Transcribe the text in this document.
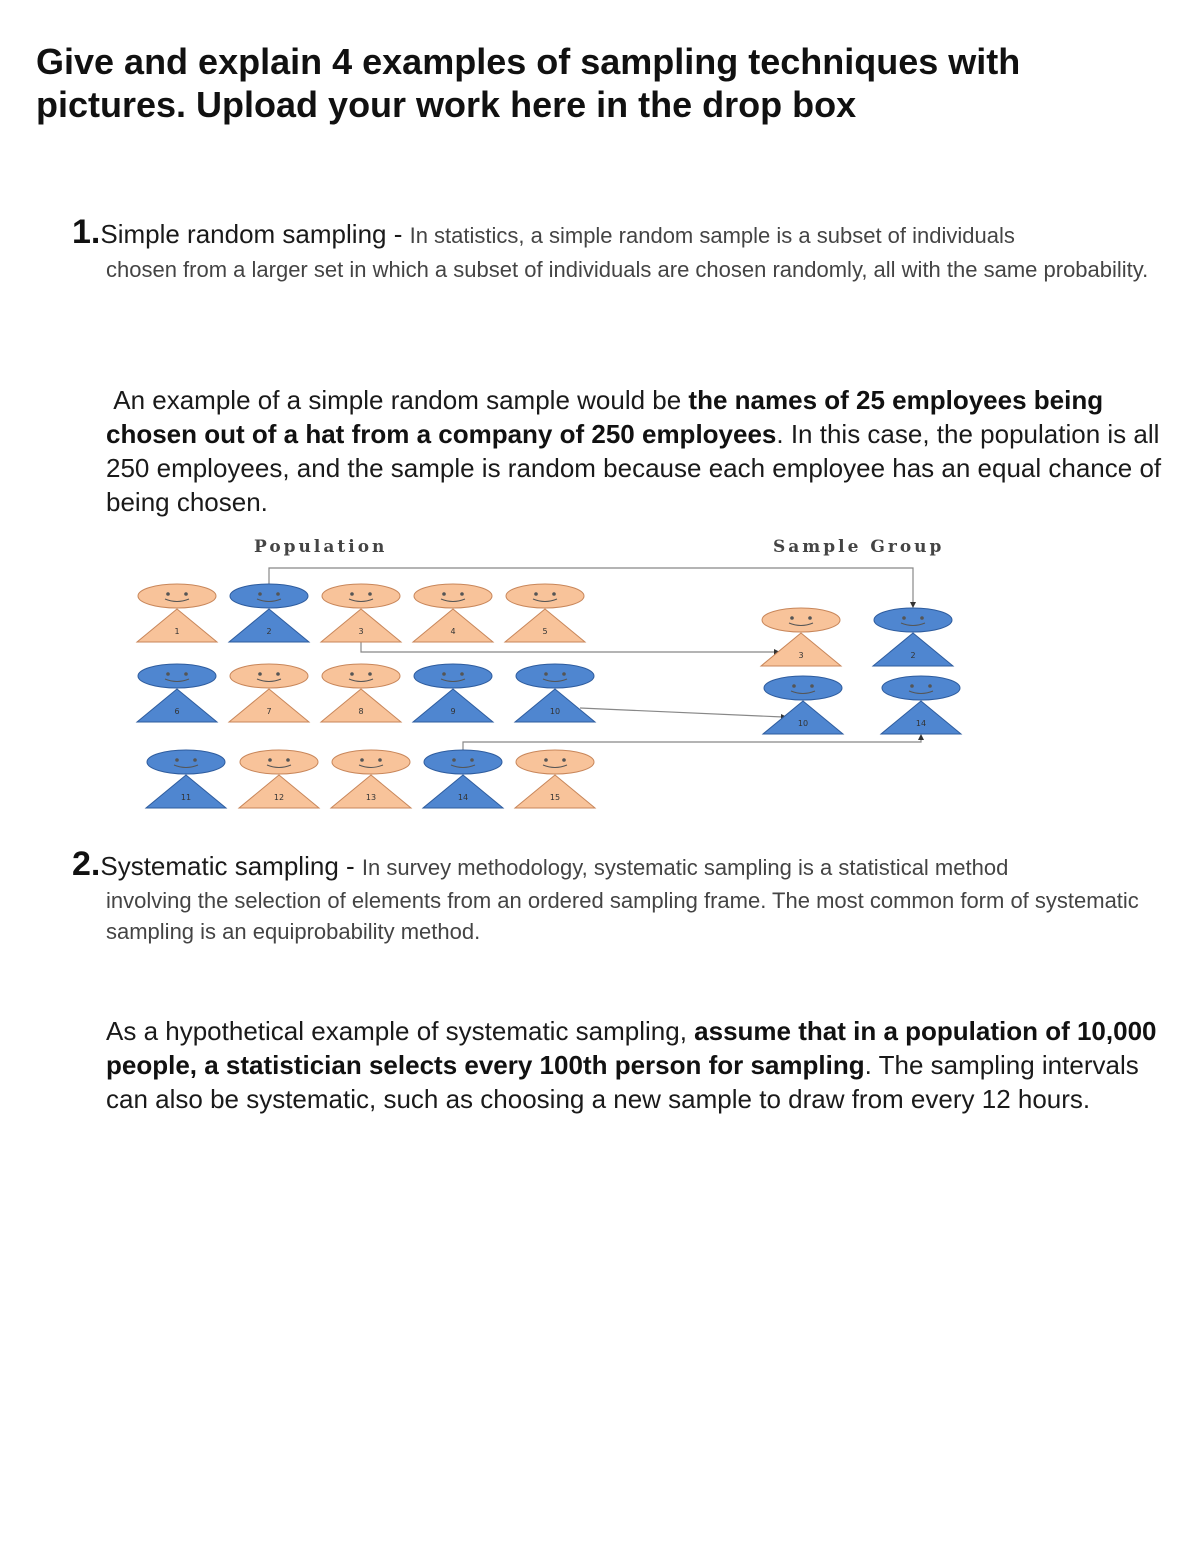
Give and explain 4 examples of sampling techniques with pictures. Upload your work here in the drop box
1.Simple random sampling - In statistics, a simple random sample is a subset of individuals
chosen from a larger set in which a subset of individuals are chosen randomly, all with the same probability.
An example of a simple random sample would be the names of 25 employees being chosen out of a hat from a company of 250 employees. In this case, the population is all 250 employees, and the sample is random because each employee has an equal chance of being chosen.
Population	Sample Group
1	2	3	4	5
6	7	8	9	10
11	12	13	14	15
3	2
10	14
2.Systematic sampling - In survey methodology, systematic sampling is a statistical method
involving the selection of elements from an ordered sampling frame. The most common form of systematic sampling is an equiprobability method.
As a hypothetical example of systematic sampling, assume that in a population of 10,000 people, a statistician selects every 100th person for sampling. The sampling intervals can also be systematic, such as choosing a new sample to draw from every 12 hours.
